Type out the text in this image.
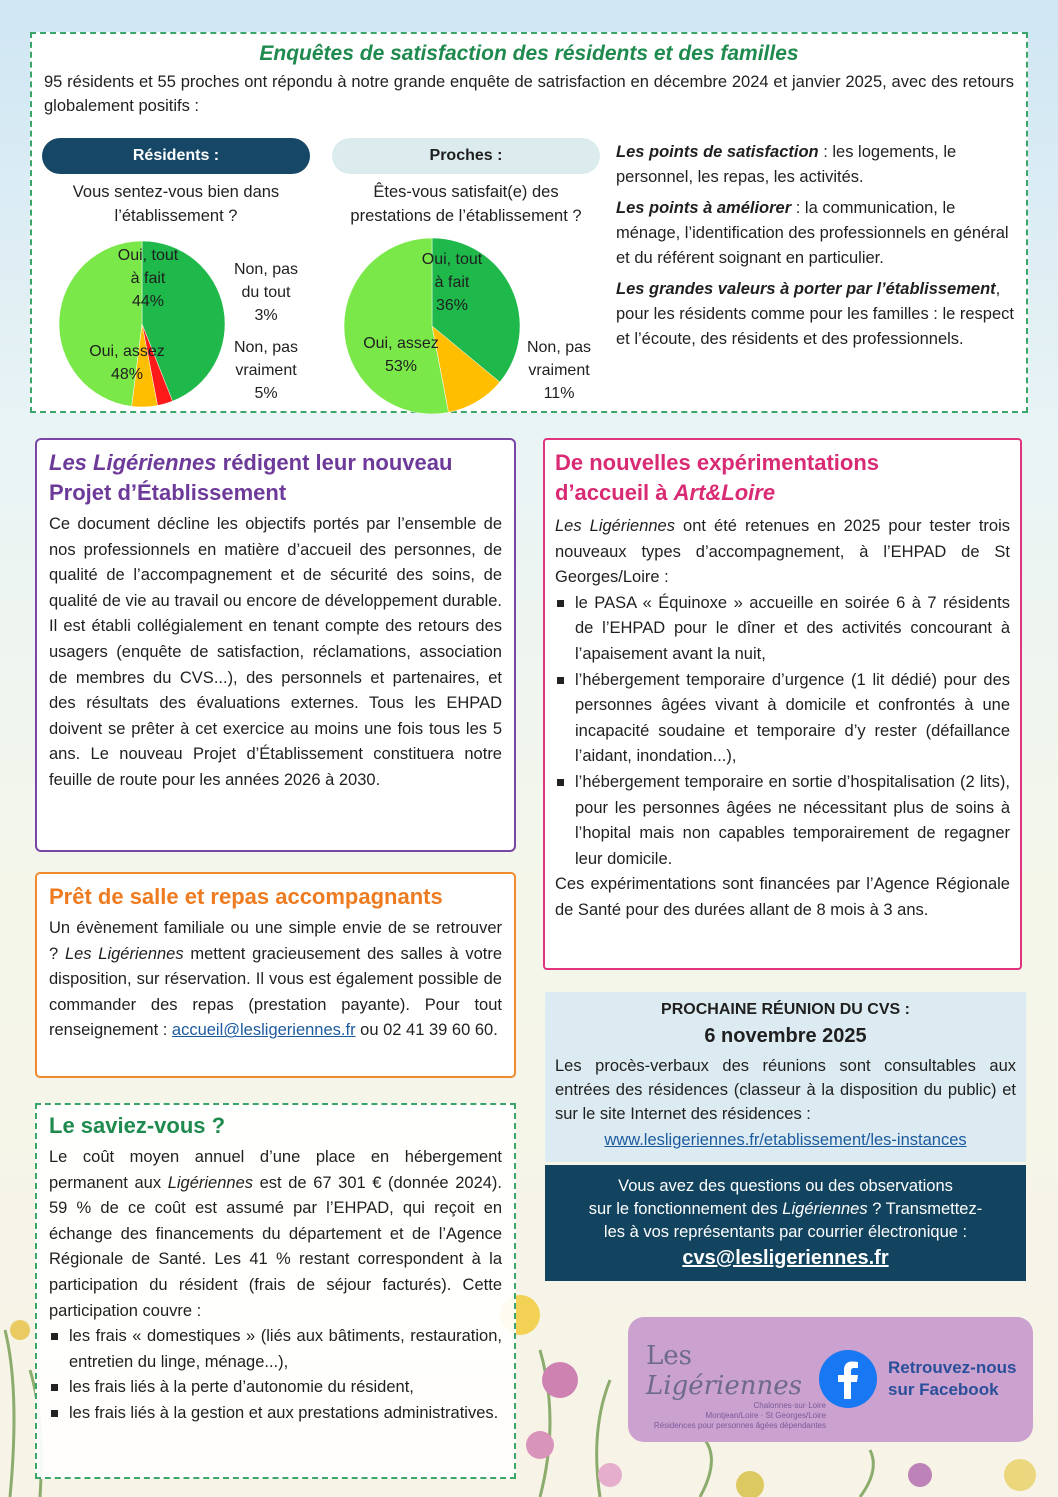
Enquêtes de satisfaction des résidents et des familles

95 résidents et 55 proches ont répondu à notre grande enquête de satrisfaction en décembre 2024 et janvier 2025, avec des retours globalement positifs :

Résidents :	Proches :
Vous sentez-vous bien dans
l’établissement ?
Êtes-vous satisfait(e) des
prestations de l’établissement ?
Oui, tout
à fait
44%
Oui, assez
48%
Non, pas
du tout
3%
Non, pas
vraiment
5%
Oui, tout
à fait
36%
Oui, assez
53%
Non, pas
vraiment
11%

Les points de satisfaction : les logements, le personnel, les repas, les activités.

Les points à améliorer : la communication, le ménage, l’identification des professionnels en général et du référent soignant en particulier.

Les grandes valeurs à porter par l’établissement, pour les résidents comme pour les familles : le respect et l’écoute, des résidents et des professionnels.

Les Ligériennes rédigent leur nouveau Projet d’Établissement

Ce document décline les objectifs portés par l’ensemble de nos professionnels en matière d’accueil des personnes, de qualité de l’accompagnement et de sécurité des soins, de qualité de vie au travail ou encore de développement durable. Il est établi collégialement en tenant compte des retours des usagers (enquête de satisfaction, réclamations, association de membres du CVS...), des personnels et partenaires, et des résultats des évaluations externes. Tous les EHPAD doivent se prêter à cet exercice au moins une fois tous les 5 ans. Le nouveau Projet d’Établissement constituera notre feuille de route pour les années 2026 à 2030.

De nouvelles expérimentations
d’accueil à Art&Loire

Les Ligériennes ont été retenues en 2025 pour tester trois nouveaux types d’accompagnement, à l’EHPAD de St Georges/Loire :

le PASA « Équinoxe » accueille en soirée 6 à 7 résidents de l’EHPAD pour le dîner et des activités concourant à l’apaisement avant la nuit,
l’hébergement temporaire d’urgence (1 lit dédié) pour des personnes âgées vivant à domicile et confrontés à une incapacité soudaine et temporaire d’y rester (défaillance l’aidant, inondation...),
l’hébergement temporaire en sortie d’hospitalisation (2 lits), pour les personnes âgées ne nécessitant plus de soins à l’hopital mais non capables temporairement de regagner leur domicile.

Ces expérimentations sont financées par l’Agence Régionale de Santé pour des durées allant de 8 mois à 3 ans.

Prêt de salle et repas accompagnants

Un évènement familiale ou une simple envie de se retrouver ? Les Ligériennes mettent gracieusement des salles à votre disposition, sur réservation. Il vous est également possible de commander des repas (prestation payante). Pour tout renseignement : accueil@lesligeriennes.fr ou 02 41 39 60 60.

Le saviez-vous ?

Le coût moyen annuel d’une place en hébergement permanent aux Ligériennes est de 67 301 € (donnée 2024). 59 % de ce coût est assumé par l’EHPAD, qui reçoit en échange des financements du département et de l’Agence Régionale de Santé. Les 41 % restant correspondent à la participation du résident (frais de séjour facturés). Cette participation couvre :

les frais « domestiques » (liés aux bâtiments, restauration, entretien du linge, ménage...),
les frais liés à la perte d’autonomie du résident,
les frais liés à la gestion et aux prestations administratives.
PROCHAINE RÉUNION DU CVS :
6 novembre 2025

Les procès-verbaux des réunions sont consultables aux entrées des résidences (classeur à la disposition du public) et sur le site Internet des résidences :

www.lesligeriennes.fr/etablissement/les-instances
Vous avez des questions ou des observations
sur le fonctionnement des Ligériennes ? Transmettez-
les à vos représentants par courrier électronique :
cvs@lesligeriennes.fr
Les Ligériennes
Chalonnes·sur·Loire
Montjean/Loire · St Georges/Loire
Résidences pour personnes âgées dépendantes
Retrouvez-nous
sur Facebook
